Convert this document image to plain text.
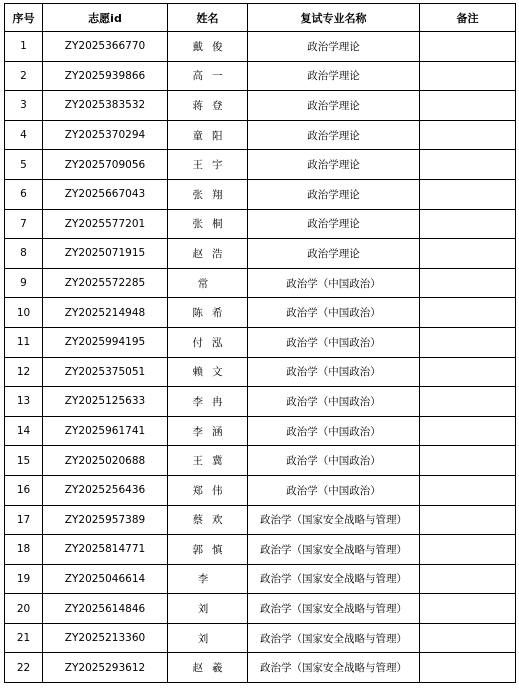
序号	志愿id	姓名	复试专业名称	备注
1	ZY2025366770	戴 俊	政治学理论	
2	ZY2025939866	高 一	政治学理论	
3	ZY2025383532	蒋 登	政治学理论	
4	ZY2025370294	童 阳	政治学理论	
5	ZY2025709056	王 宇	政治学理论	
6	ZY2025667043	张 翔	政治学理论	
7	ZY2025577201	张 桐	政治学理论	
8	ZY2025071915	赵 浩	政治学理论	
9	ZY2025572285	常	政治学（中国政治）	
10	ZY2025214948	陈 希	政治学（中国政治）	
11	ZY2025994195	付 泓	政治学（中国政治）	
12	ZY2025375051	赖 文	政治学（中国政治）	
13	ZY2025125633	李 冉	政治学（中国政治）	
14	ZY2025961741	李 涵	政治学（中国政治）	
15	ZY2025020688	王 冀	政治学（中国政治）	
16	ZY2025256436	郑 伟	政治学（中国政治）	
17	ZY2025957389	蔡 欢	政治学（国家安全战略与管理）	
18	ZY2025814771	郭 慎	政治学（国家安全战略与管理）	
19	ZY2025046614	李	政治学（国家安全战略与管理）	
20	ZY2025614846	刘	政治学（国家安全战略与管理）	
21	ZY2025213360	刘	政治学（国家安全战略与管理）	
22	ZY2025293612	赵 羲	政治学（国家安全战略与管理）	
